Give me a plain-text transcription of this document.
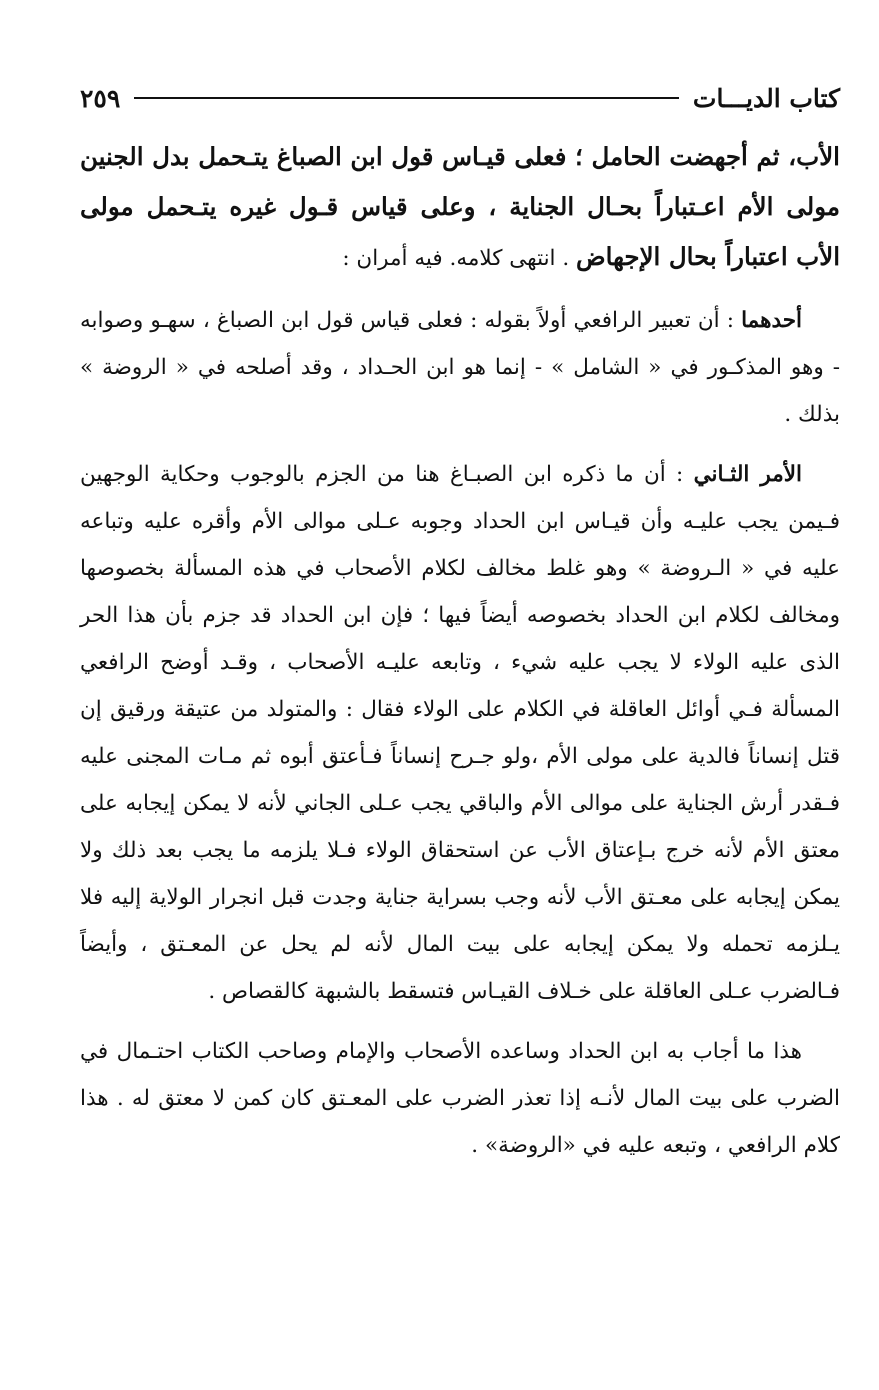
كتاب الديـــات
٢٥٩

الأب، ثم أجهضت الحامل ؛ فعلى قيـاس قول ابن الصباغ يتـحمل بدل الجنين مولى الأم اعـتباراً بحـال الجناية ، وعلى قياس قـول غيره يتـحمل مولى الأب اعتباراً بحال الإجهاض . انتهى كلامه. فيه أمران :

أحدهما : أن تعبير الرافعي أولاً بقوله : فعلى قياس قول ابن الصباغ ، سهـو وصوابه - وهو المذكـور في « الشامل » - إنما هو ابن الحـداد ، وقد أصلحه في « الروضة » بذلك .

الأمر الثـاني : أن ما ذكره ابن الصبـاغ هنا من الجزم بالوجوب وحكاية الوجهين فـيمن يجب عليـه وأن قيـاس ابن الحداد وجوبه عـلى موالى الأم وأقره عليه وتباعه عليه في « الـروضة » وهو غلط مخالف لكلام الأصحاب في هذه المسألة بخصوصها ومخالف لكلام ابن الحداد بخصوصه أيضاً فيها ؛ فإن ابن الحداد قد جزم بأن هذا الحر الذى عليه الولاء لا يجب عليه شيء ، وتابعه عليـه الأصحاب ، وقـد أوضح الرافعي المسألة فـي أوائل العاقلة في الكلام على الولاء فقال : والمتولد من عتيقة ورقيق إن قتل إنساناً فالدية على مولى الأم ،ولو جـرح إنساناً فـأعتق أبوه ثم مـات المجنى عليه فـقدر أرش الجناية على موالى الأم والباقي يجب عـلى الجاني لأنه لا يمكن إيجابه على معتق الأم لأنه خرج بـإعتاق الأب عن استحقاق الولاء فـلا يلزمه ما يجب بعد ذلك ولا يمكن إيجابه على معـتق الأب لأنه وجب بسراية جناية وجدت قبل انجرار الولاية إليه فلا يـلزمه تحمله ولا يمكن إيجابه على بيت المال لأنه لم يحل عن المعـتق ، وأيضاً فـالضرب عـلى العاقلة على خـلاف القيـاس فتسقط بالشبهة كالقصاص .

هذا ما أجاب به ابن الحداد وساعده الأصحاب والإمام وصاحب الكتاب احتـمال في الضرب على بيت المال لأنـه إذا تعذر الضرب على المعـتق كان كمن لا معتق له . هذا كلام الرافعي ، وتبعه عليه في «الروضة» .
